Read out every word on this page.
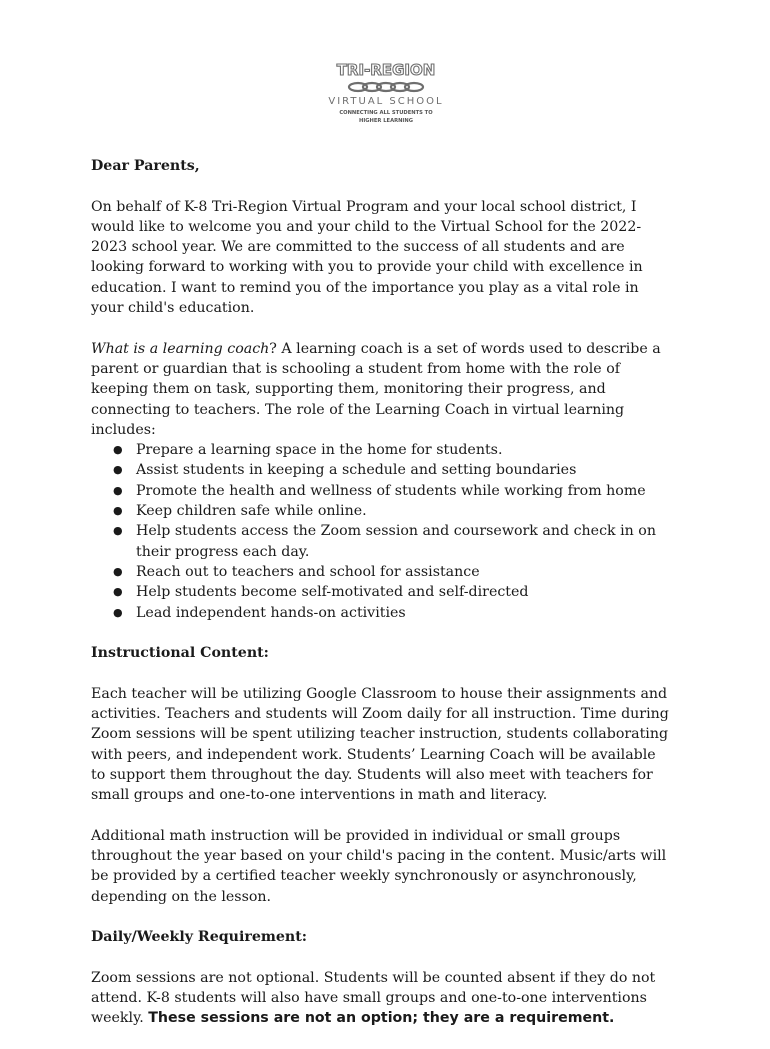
TRI-REGION
VIRTUAL SCHOOL
CONNECTING ALL STUDENTS TO
HIGHER LEARNING

Dear Parents,

On behalf of K-8 Tri-Region Virtual Program and your local school district, I would like to welcome you and your child to the Virtual School for the 2022-2023 school year. We are committed to the success of all students and are looking forward to working with you to provide your child with excellence in education. I want to remind you of the importance you play as a vital role in your child's education.

What is a learning coach? A learning coach is a set of words used to describe a parent or guardian that is schooling a student from home with the role of keeping them on task, supporting them, monitoring their progress, and connecting to teachers. The role of the Learning Coach in virtual learning includes:

● Prepare a learning space in the home for students.
● Assist students in keeping a schedule and setting boundaries
● Promote the health and wellness of students while working from home
● Keep children safe while online.
● Help students access the Zoom session and coursework and check in on their progress each day.
● Reach out to teachers and school for assistance
● Help students become self-motivated and self-directed
● Lead independent hands-on activities

Instructional Content:

Each teacher will be utilizing Google Classroom to house their assignments and activities. Teachers and students will Zoom daily for all instruction. Time during Zoom sessions will be spent utilizing teacher instruction, students collaborating with peers, and independent work. Students’ Learning Coach will be available to support them throughout the day. Students will also meet with teachers for small groups and one-to-one interventions in math and literacy.

Additional math instruction will be provided in individual or small groups throughout the year based on your child's pacing in the content. Music/arts will be provided by a certified teacher weekly synchronously or asynchronously, depending on the lesson.

Daily/Weekly Requirement:

Zoom sessions are not optional. Students will be counted absent if they do not attend. K-8 students will also have small groups and one-to-one interventions weekly. These sessions are not an option; they are a requirement.
